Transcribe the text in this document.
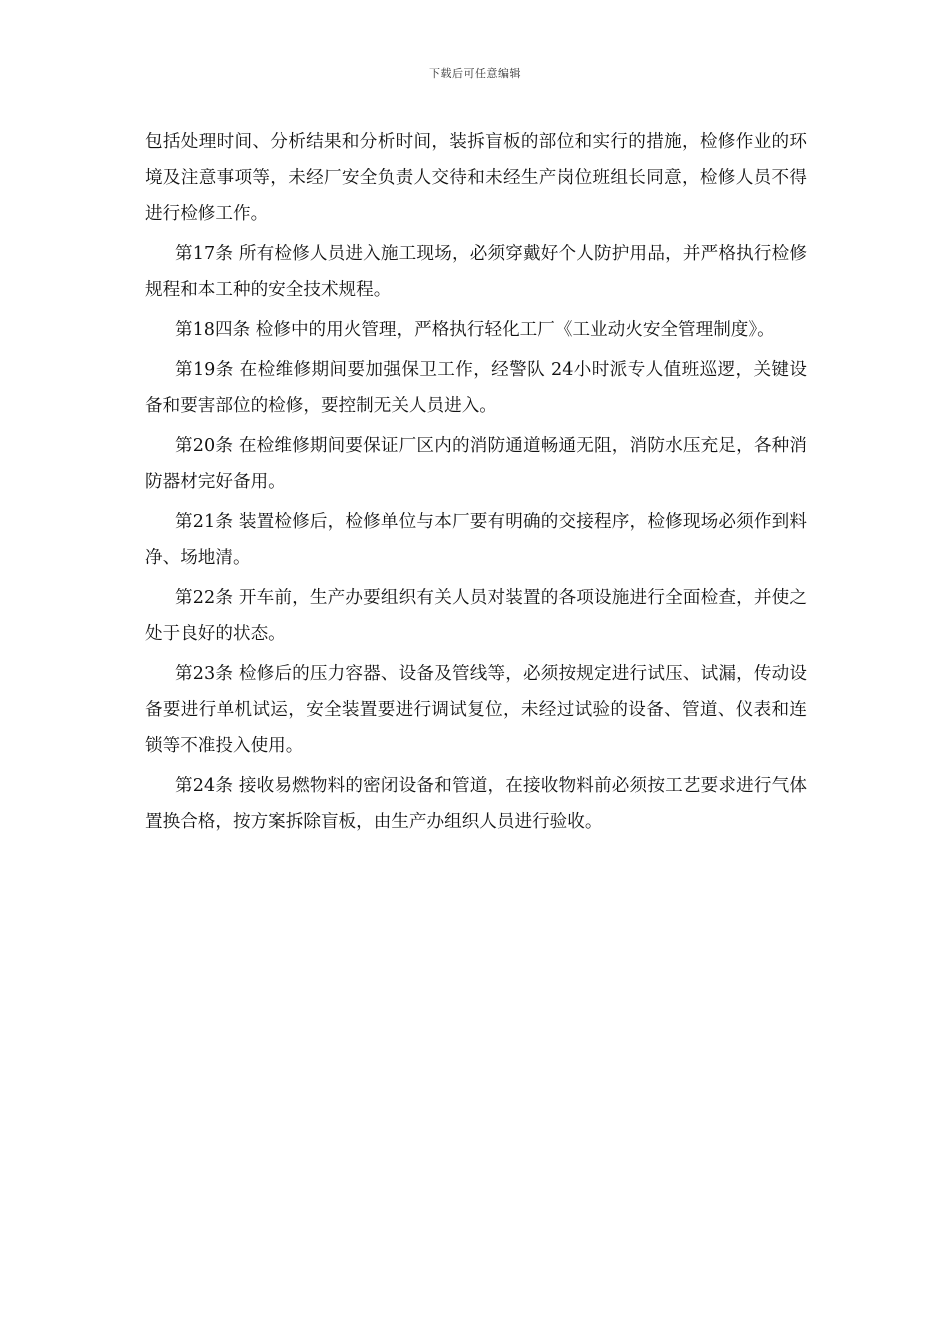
下载后可任意编辑

包括处理时间、分析结果和分析时间，装拆盲板的部位和实行的措施，检修作业的环境及注意事项等，未经厂安全负责人交待和未经生产岗位班组长同意，检修人员不得进行检修工作。

第17条 所有检修人员进入施工现场，必须穿戴好个人防护用品，并严格执行检修规程和本工种的安全技术规程。

第18四条 检修中的用火管理，严格执行轻化工厂《工业动火安全管理制度》。

第19条 在检维修期间要加强保卫工作，经警队 24小时派专人值班巡逻，关键设备和要害部位的检修，要控制无关人员进入。

第20条 在检维修期间要保证厂区内的消防通道畅通无阻，消防水压充足，各种消防器材完好备用。

第21条 装置检修后，检修单位与本厂要有明确的交接程序，检修现场必须作到料净、场地清。

第22条 开车前，生产办要组织有关人员对装置的各项设施进行全面检查，并使之处于良好的状态。

第23条 检修后的压力容器、设备及管线等，必须按规定进行试压、试漏，传动设备要进行单机试运，安全装置要进行调试复位，未经过试验的设备、管道、仪表和连锁等不准投入使用。

第24条 接收易燃物料的密闭设备和管道，在接收物料前必须按工艺要求进行气体置换合格，按方案拆除盲板，由生产办组织人员进行验收。
